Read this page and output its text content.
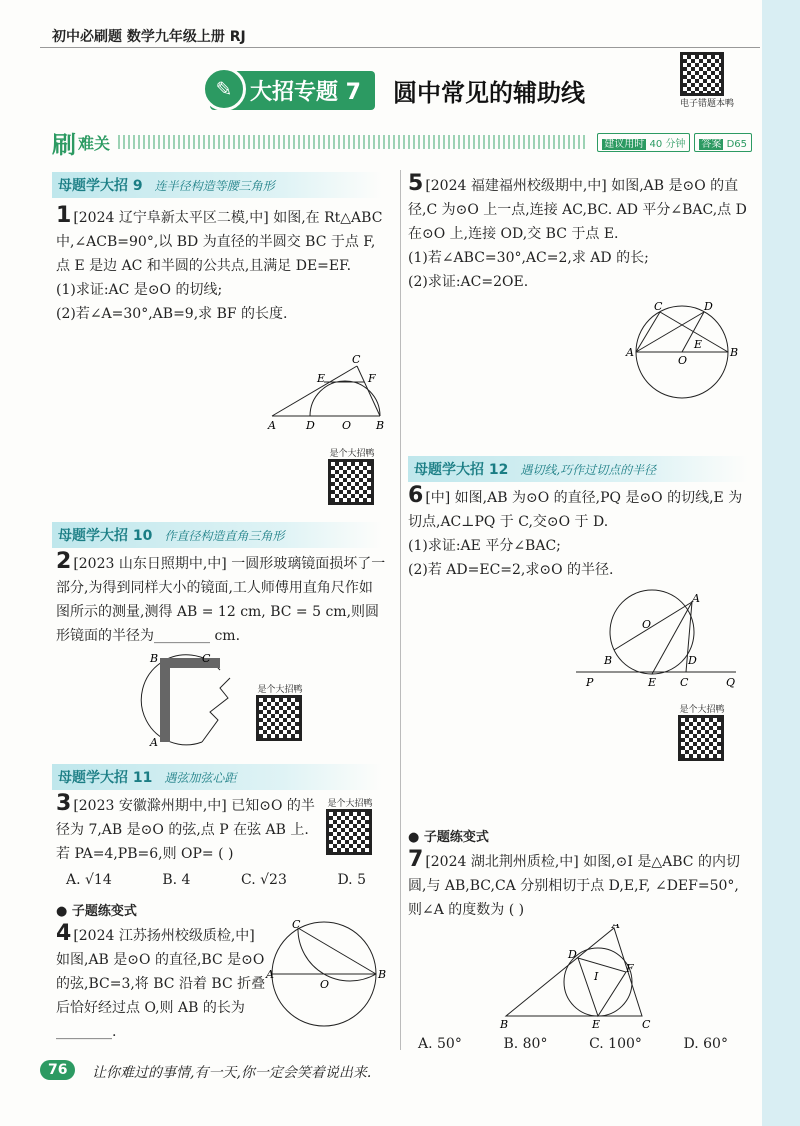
初中必刷题 数学九年级上册 RJ
✎ 大招专题 7	圆中常见的辅助线	电子错题本鸭
刷 难关	建议用时 40 分钟	答案 D65
母题学大招 9 连半径构造等腰三角形
1 [2024 辽宁阜新太平区二模,中] 如图,在 Rt△ABC 中,∠ACB=90°,以 BD 为直径的半圆交 BC 于点 F,点 E 是边 AC 和半圆的公共点,且满足 DE=EF.
(1)求证:AC 是⊙O 的切线;
(2)若∠A=30°,AB=9,求 BF 的长度.
A	D O B
C
E	F
是个大招鸭
母题学大招 10 作直径构造直角三角形
2 [2023 山东日照期中,中] 一圆形玻璃镜面损坏了一部分,为得到同样大小的镜面,工人师傅用直角尺作如图所示的测量,测得 AB = 12 cm, BC = 5 cm,则圆形镜面的半径为________ cm.
B	C
A
是个大招鸭
母题学大招 11 遇弦加弦心距
3 [2023 安徽滁州期中,中] 已知⊙O 的半径为 7,AB 是⊙O 的弦,点 P 在弦 AB 上.若 PA=4,PB=6,则 OP= ( )
是个大招鸭
A. √14	B. 4	C. √23	D. 5
● 子题练变式
4 [2024 江苏扬州校级质检,中] 如图,AB 是⊙O 的直径,BC 是⊙O 的弦,BC=3,将 BC 沿着 BC 折叠后恰好经过点 O,则 AB 的长为________.
A
O
B
C
5 [2024 福建福州校级期中,中] 如图,AB 是⊙O 的直径,C 为⊙O 上一点,连接 AC,BC. AD 平分∠BAC,点 D 在⊙O 上,连接 OD,交 BC 于点 E.
(1)若∠ABC=30°,AC=2,求 AD 的长;
(2)求证:AC=2OE.
A	B
C	D
O
E
母题学大招 12 遇切线,巧作过切点的半径
6 [中] 如图,AB 为⊙O 的直径,PQ 是⊙O 的切线,E 为切点,AC⊥PQ 于 C,交⊙O 于 D.
(1)求证:AE 平分∠BAC;
(2)若 AD=EC=2,求⊙O 的半径.
P	E C	Q
B
O
A
D
是个大招鸭
● 子题练变式
7 [2024 湖北荆州质检,中] 如图,⊙I 是△ABC 的内切圆,与 AB,BC,CA 分别相切于点 D,E,F, ∠DEF=50°,则∠A 的度数为 ( )
B	E	C
A
D
F
I
A. 50°	B. 80°	C. 100°	D. 60°
76	让你难过的事情,有一天,你一定会笑着说出来.
